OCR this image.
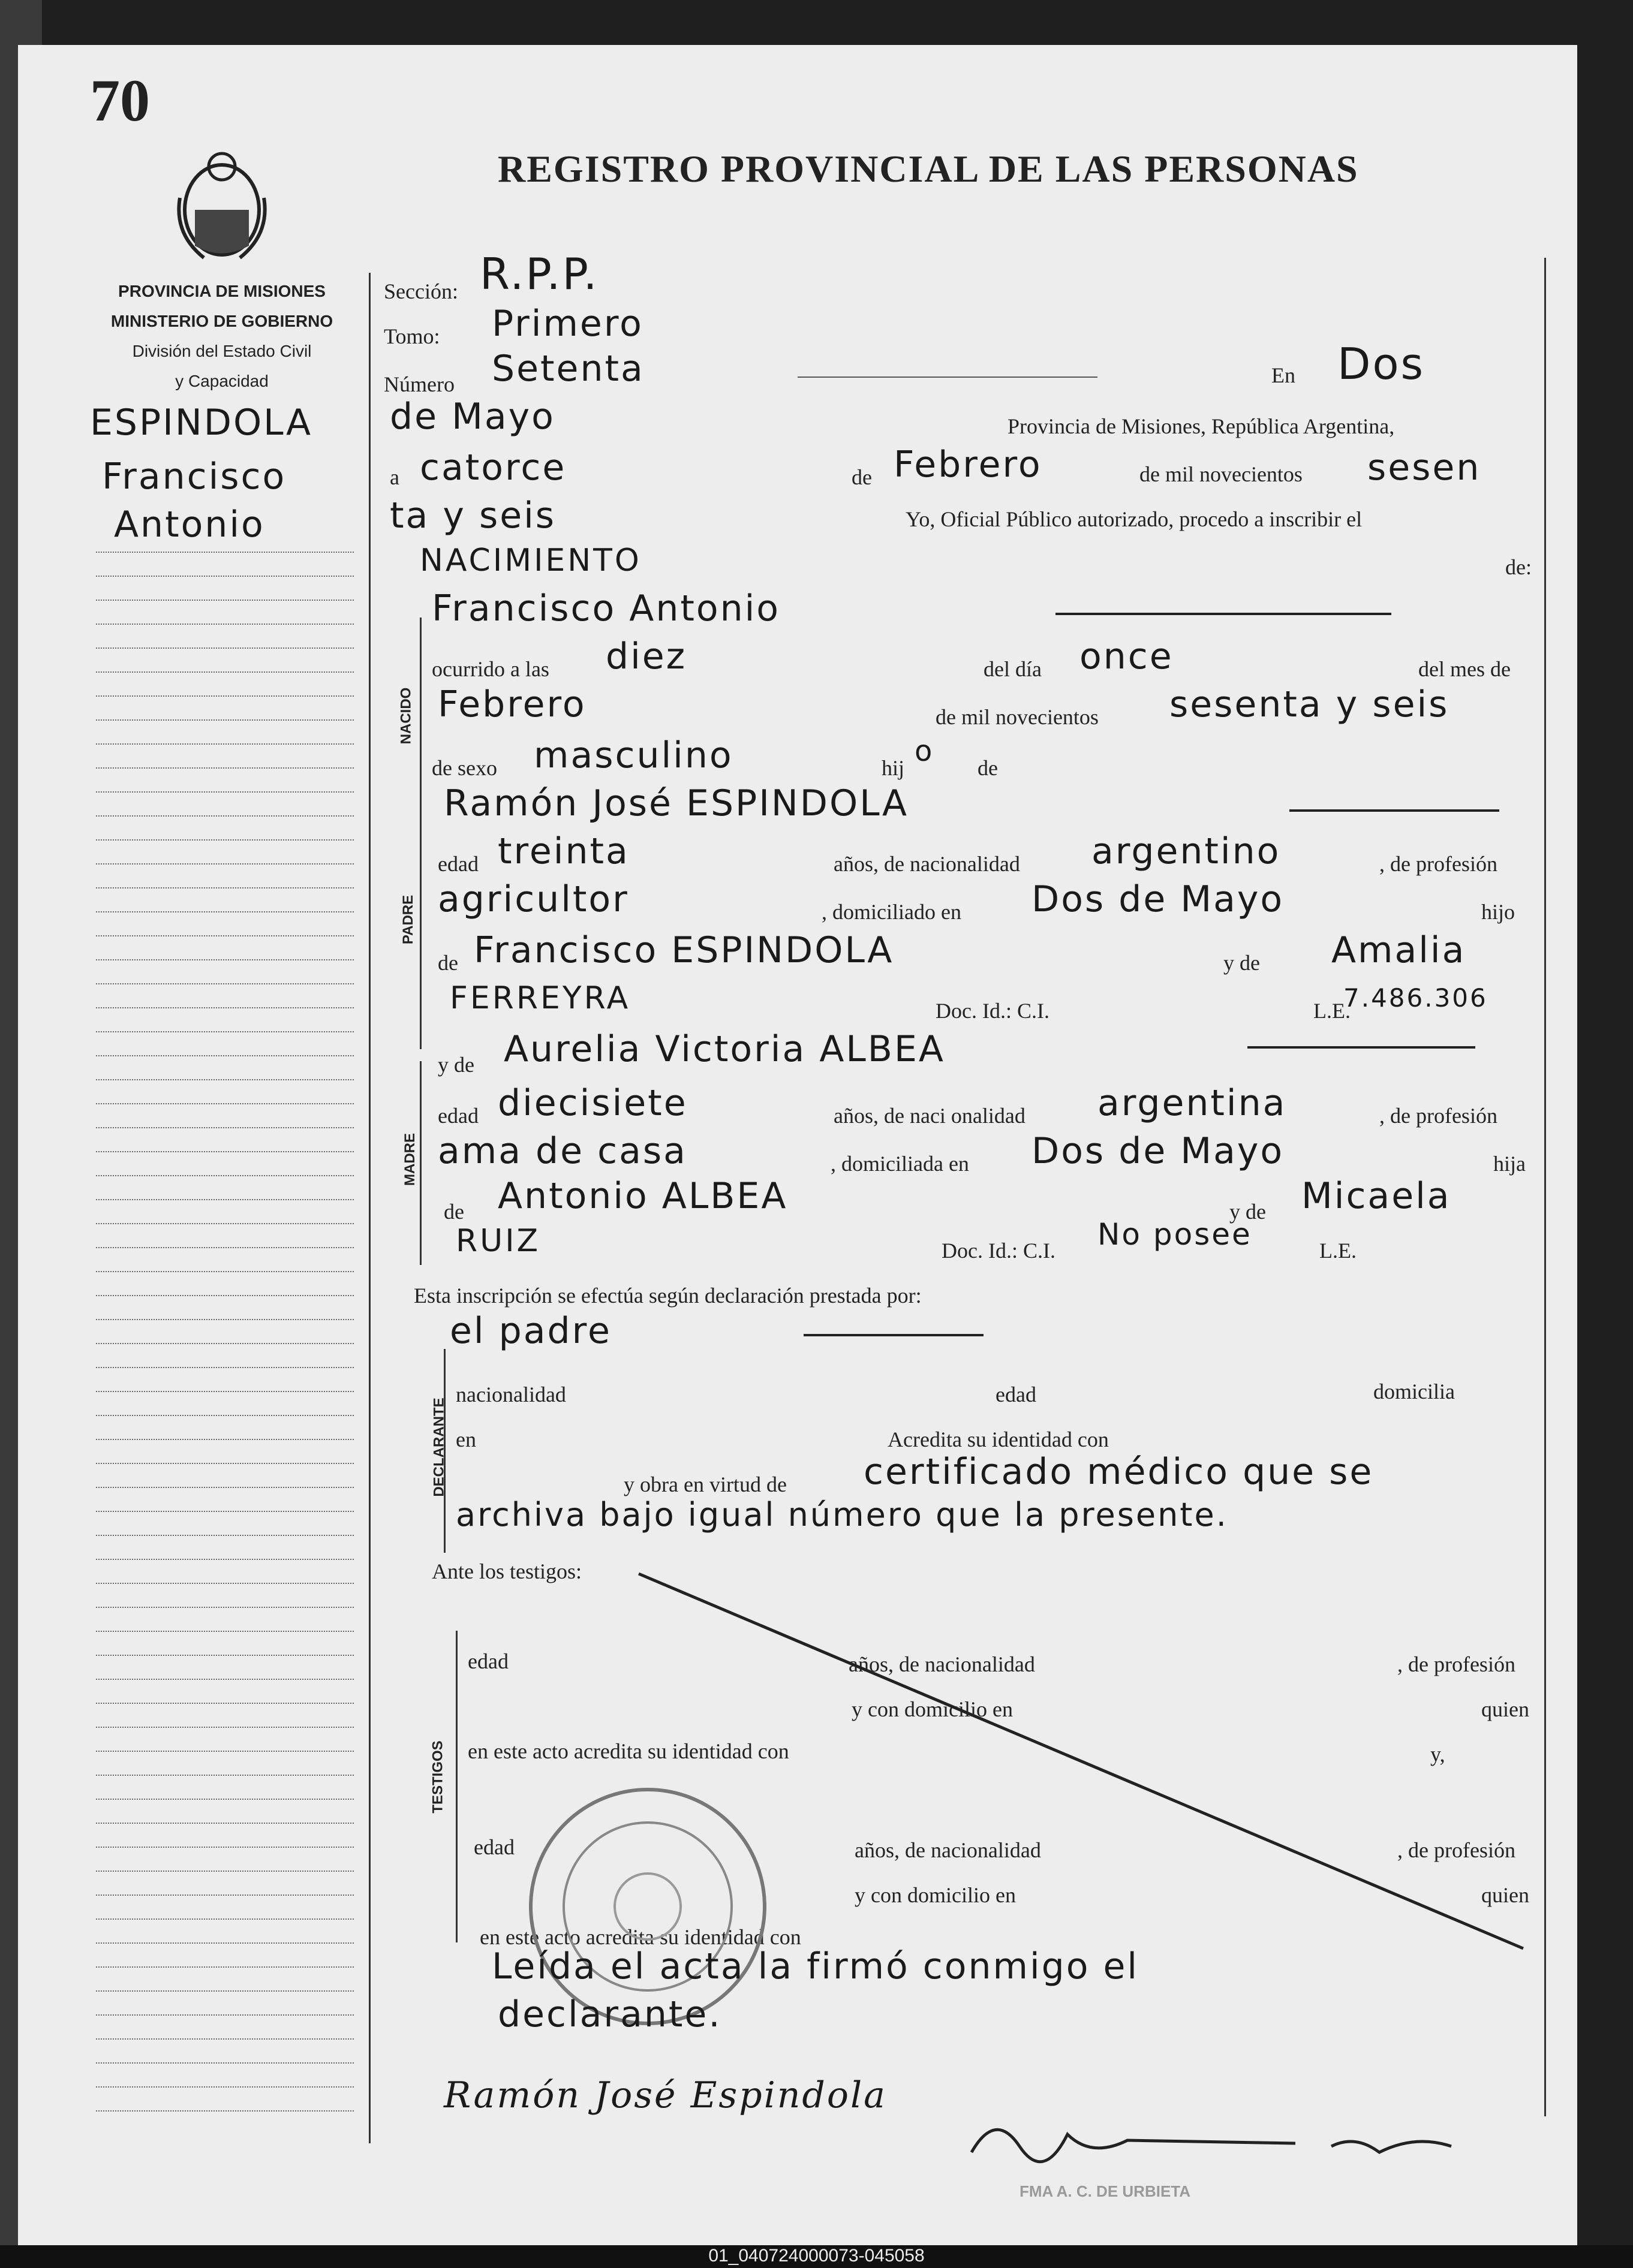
70
REGISTRO PROVINCIAL DE LAS PERSONAS
PROVINCIA DE MISIONES
MINISTERIO DE GOBIERNO
División del Estado Civil
y Capacidad
ESPINDOLA
Francisco
Antonio
NACIDO
PADRE
MADRE
DECLARANTE
TESTIGOS
Sección: R.P.P.
Tomo: Primero
Número Setenta	En Dos
de Mayo	Provincia de Misiones, República Argentina,
a catorce	de Febrero	de mil novecientos sesen
ta y seis	Yo, Oficial Público autorizado, procedo a inscribir el
NACIMIENTO	de:
Francisco Antonio
ocurrido a las diez	del día once	del mes de
Febrero	de mil novecientos sesenta y seis
de sexo masculino	hij o de
Ramón José ESPINDOLA
edad treinta	años, de nacionalidad argentino	, de profesión
agricultor	, domiciliado en Dos de Mayo	hijo
de Francisco ESPINDOLA	y de Amalia
FERREYRA	Doc. Id.: C.I.	L.E.
7.486.306
y de Aurelia Victoria ALBEA
edad diecisiete	años, de naci onalidad argentina	, de profesión
ama de casa	, domiciliada en Dos de Mayo	hija
de Antonio ALBEA	y de Micaela
RUIZ	Doc. Id.: C.I. No posee	L.E.
Esta inscripción se efectúa según declaración prestada por:
el padre
nacionalidad	edad	domicilia
en	Acredita su identidad con
y obra en virtud de certificado médico que se
archiva bajo igual número que la presente.
Ante los testigos:
edad	años, de nacionalidad	, de profesión
y con domicilio en	quien
en este acto acredita su identidad con	y,
edad	años, de nacionalidad	, de profesión
y con domicilio en	quien
en este acto acredita su identidad con
Leída el acta la firmó conmigo el
declarante.
Ramón José Espindola
FMA A. C. DE URBIETA
01_040724000073-045058
